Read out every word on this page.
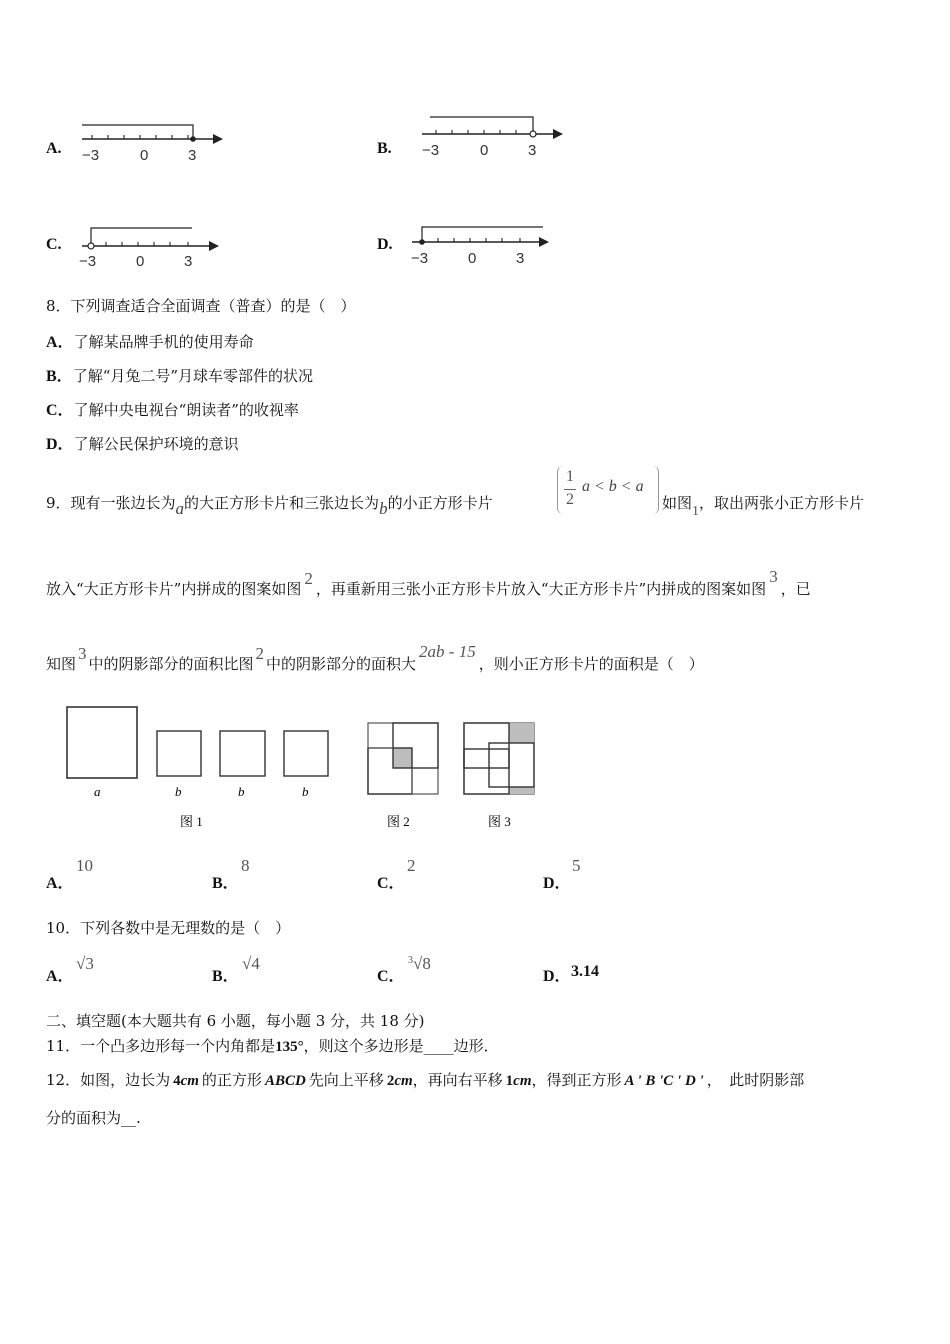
A. −3	0	3	B. −3	0	3
C.
−3	0	3
D.
−3	0	3
8．下列调查适合全面调查（普查）的是（　）
A．了解某品牌手机的使用寿命
B．了解“月兔二号”月球车零部件的状况
C．了解中央电视台“朗读者”的收视率
D．了解公民保护环境的意识
9．现有一张边长为a的大正方形卡片和三张边长为b的小正方形卡片
1
2
a < b < a
如图1，取出两张小正方形卡片
放入“大正方形卡片”内拼成的图案如图2，再重新用三张小正方形卡片放入“大正方形卡片”内拼成的图案如图3，已
知图3中的阴影部分的面积比图2中的阴影部分的面积大2ab - 15，则小正方形卡片的面积是（　）
a	b	b	b
图 1	图 2	图 3
A．
10
B．
8
C．
2
D．
5
10．下列各数中是无理数的是（　）
A．
√3
B．
√4
C．
$^3$√8
D． 3.14
二、填空题(本大题共有 6 小题，每小题 3 分，共 18 分)
11．一个凸多边形每一个内角都是135°，则这个多边形是____边形．
12．如图，边长为 4cm 的正方形 ABCD 先向上平移 2cm，再向右平移 1cm，得到正方形 A ' B 'C ' D ' ，　此时阴影部
分的面积为__.
